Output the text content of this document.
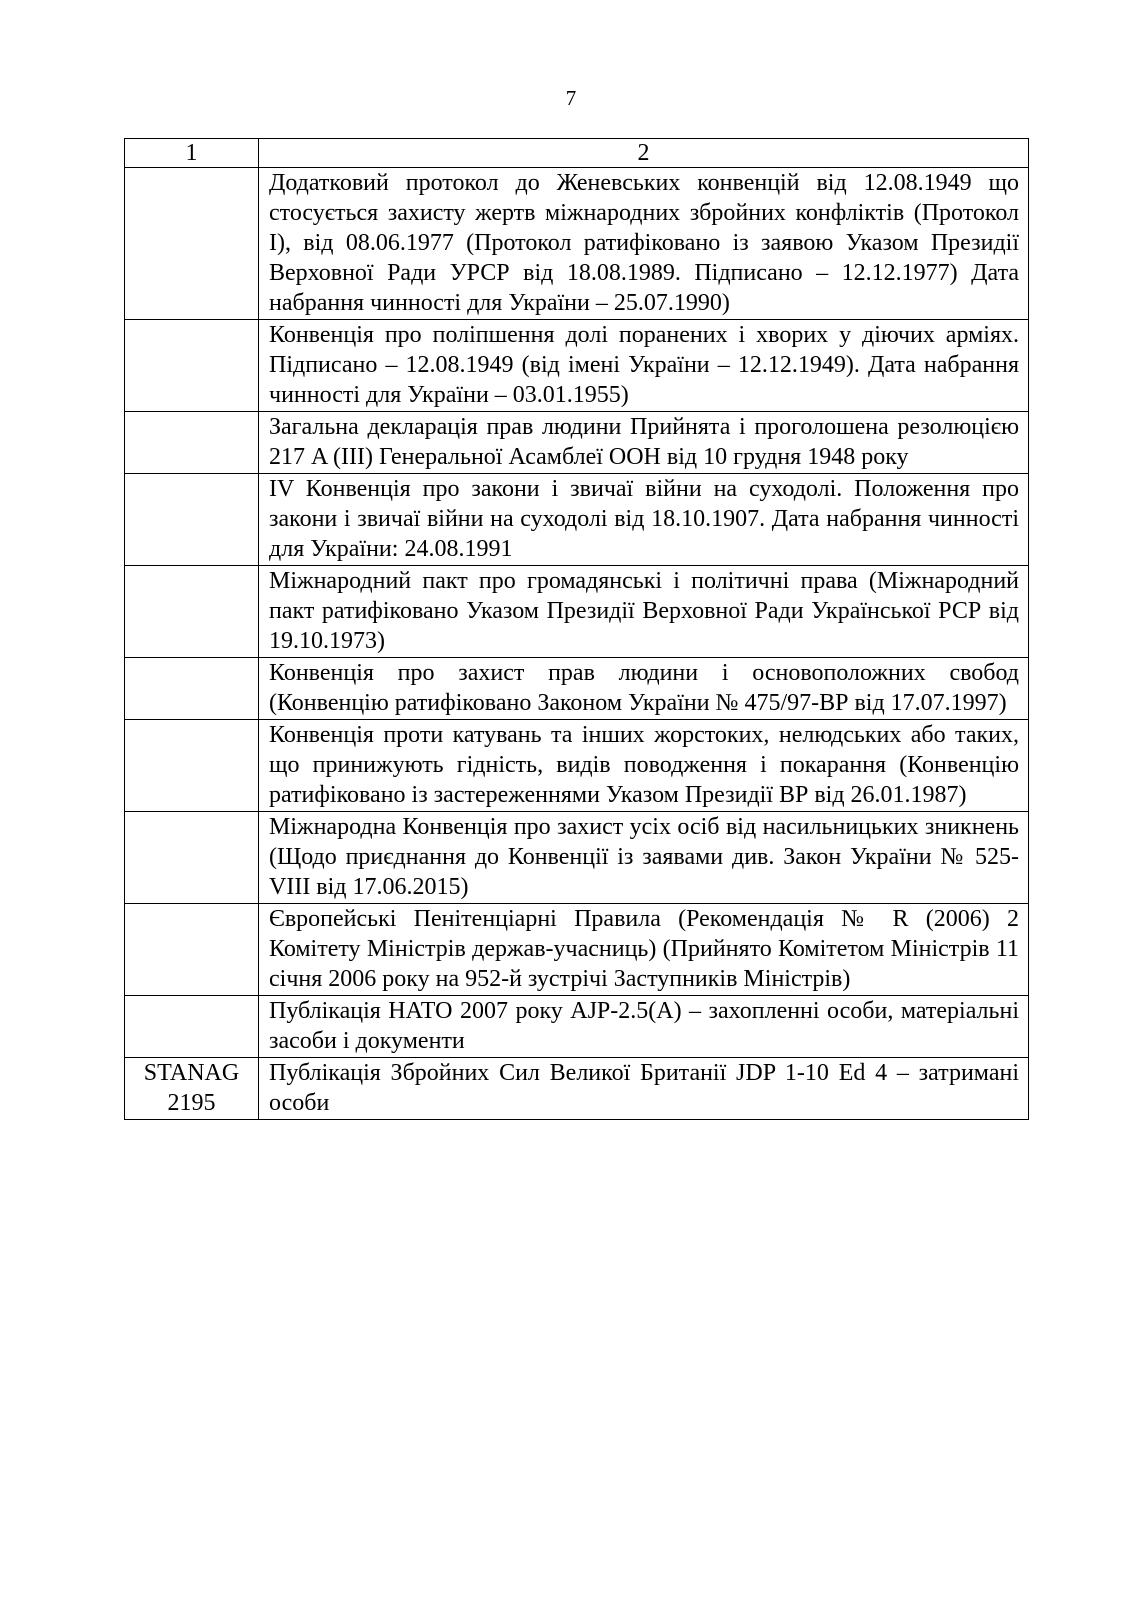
7
1	2
	Додатковий протокол до Женевських конвенцій від 12.08.1949 що стосується захисту жертв міжнародних збройних конфліктів (Протокол I), від 08.06.1977 (Протокол ратифіковано із заявою Указом Президії Верховної Ради УРСР від 18.08.1989. Підписано – 12.12.1977) Дата набрання чинності для України – 25.07.1990)
	Конвенція про поліпшення долі поранених і хворих у діючих арміях. Підписано – 12.08.1949 (від імені України – 12.12.1949). Дата набрання чинності для України – 03.01.1955)
	Загальна декларація прав людини Прийнята і проголошена резолюцією 217 A (III) Генеральної Асамблеї ООН від 10 грудня 1948 року
	IV Конвенція про закони і звичаї війни на суходолі. Положення про закони і звичаї війни на суходолі від 18.10.1907. Дата набрання чинності для України: 24.08.1991
	Міжнародний пакт про громадянські і політичні права (Міжнародний пакт ратифіковано Указом Президії Верховної Ради Української РСР від 19.10.1973)
	Конвенція про захист прав людини і основоположних свобод (Конвенцію ратифіковано Законом України № 475/97-ВР від 17.07.1997)
	Конвенція проти катувань та інших жорстоких, нелюдських або таких, що принижують гідність, видів поводження і покарання (Конвенцію ратифіковано із застереженнями Указом Президії ВР від 26.01.1987)
	Міжнародна Конвенція про захист усіх осіб від насильницьких зникнень (Щодо приєднання до Конвенції із заявами див. Закон України № 525-VIII від 17.06.2015)
	Європейські Пенітенціарні Правила (Рекомендація № R (2006) 2 Комітету Міністрів держав-учасниць) (Прийнято Комітетом Міністрів 11 січня 2006 року на 952-й зустрічі Заступників Міністрів)
	Публікація НАТО 2007 року AJP-2.5(A) – захопленні особи, матеріальні засоби і документи
STANAG 2195	Публікація Збройних Сил Великої Британії JDP 1-10 Ed 4 – затримані особи
